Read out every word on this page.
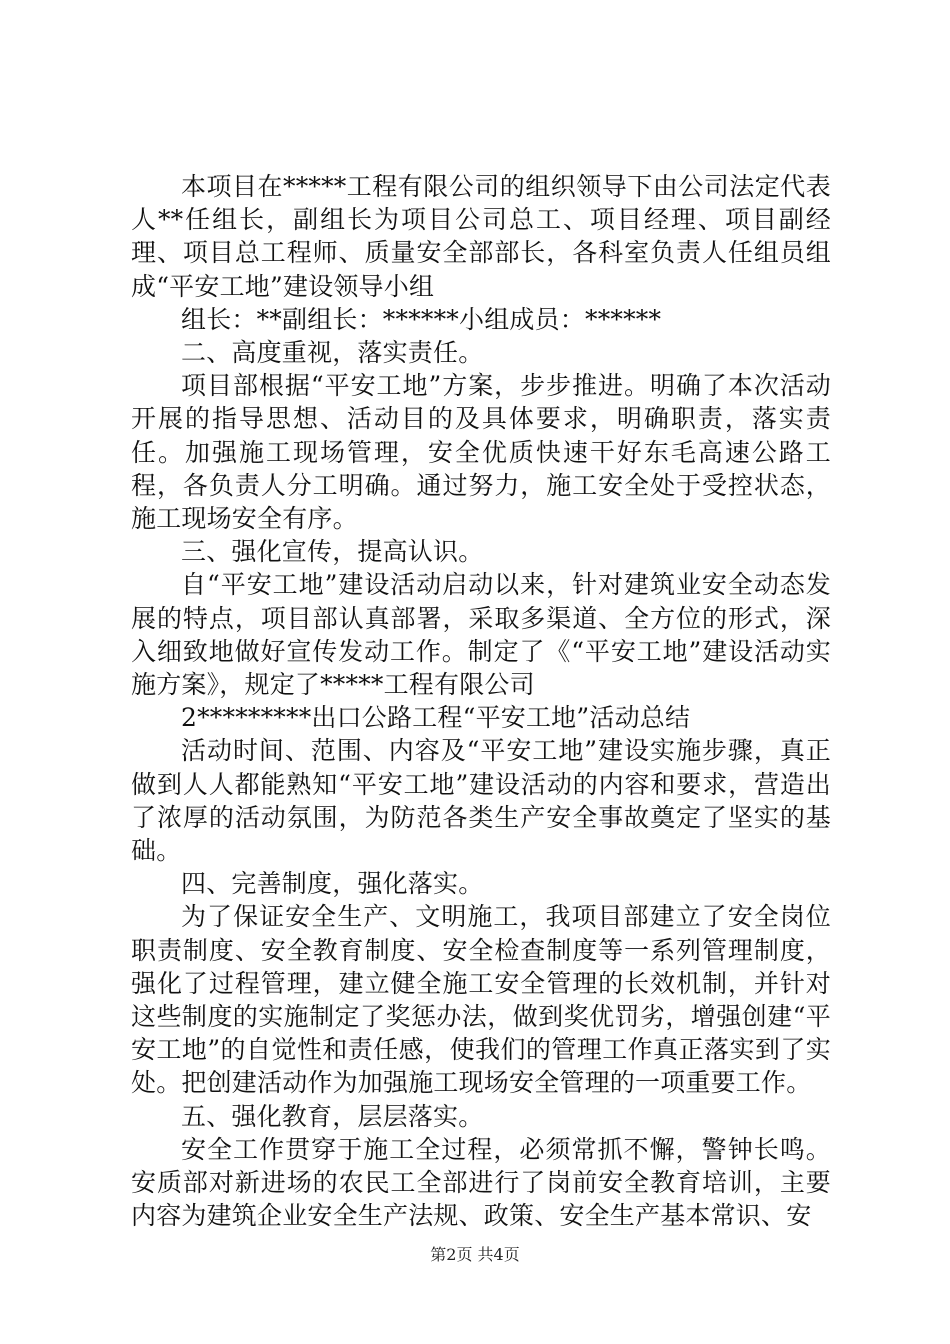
本项目在*****工程有限公司的组织领导下由公司法定代表人**任组长，副组长为项目公司总工、项目经理、项目副经理、项目总工程师、质量安全部部长，各科室负责人任组员组成“平安工地”建设领导小组

组长：**副组长：******小组成员：******

二、高度重视，落实责任。

项目部根据“平安工地”方案，步步推进。明确了本次活动开展的指导思想、活动目的及具体要求，明确职责，落实责任。加强施工现场管理，安全优质快速干好东毛高速公路工程，各负责人分工明确。通过努力，施工安全处于受控状态，施工现场安全有序。

三、强化宣传，提高认识。

自“平安工地”建设活动启动以来，针对建筑业安全动态发展的特点，项目部认真部署，采取多渠道、全方位的形式，深入细致地做好宣传发动工作。制定了《“平安工地”建设活动实施方案》，规定了*****工程有限公司

2*********出口公路工程“平安工地”活动总结

活动时间、范围、内容及“平安工地”建设实施步骤，真正做到人人都能熟知“平安工地”建设活动的内容和要求，营造出了浓厚的活动氛围，为防范各类生产安全事故奠定了坚实的基础。

四、完善制度，强化落实。

为了保证安全生产、文明施工，我项目部建立了安全岗位职责制度、安全教育制度、安全检查制度等一系列管理制度，强化了过程管理，建立健全施工安全管理的长效机制，并针对这些制度的实施制定了奖惩办法，做到奖优罚劣，增强创建“平安工地”的自觉性和责任感，使我们的管理工作真正落实到了实处。把创建活动作为加强施工现场安全管理的一项重要工作。

五、强化教育，层层落实。

安全工作贯穿于施工全过程，必须常抓不懈，警钟长鸣。安质部对新进场的农民工全部进行了岗前安全教育培训，主要内容为建筑企业安全生产法规、政策、安全生产基本常识、安

第2页 共4页
